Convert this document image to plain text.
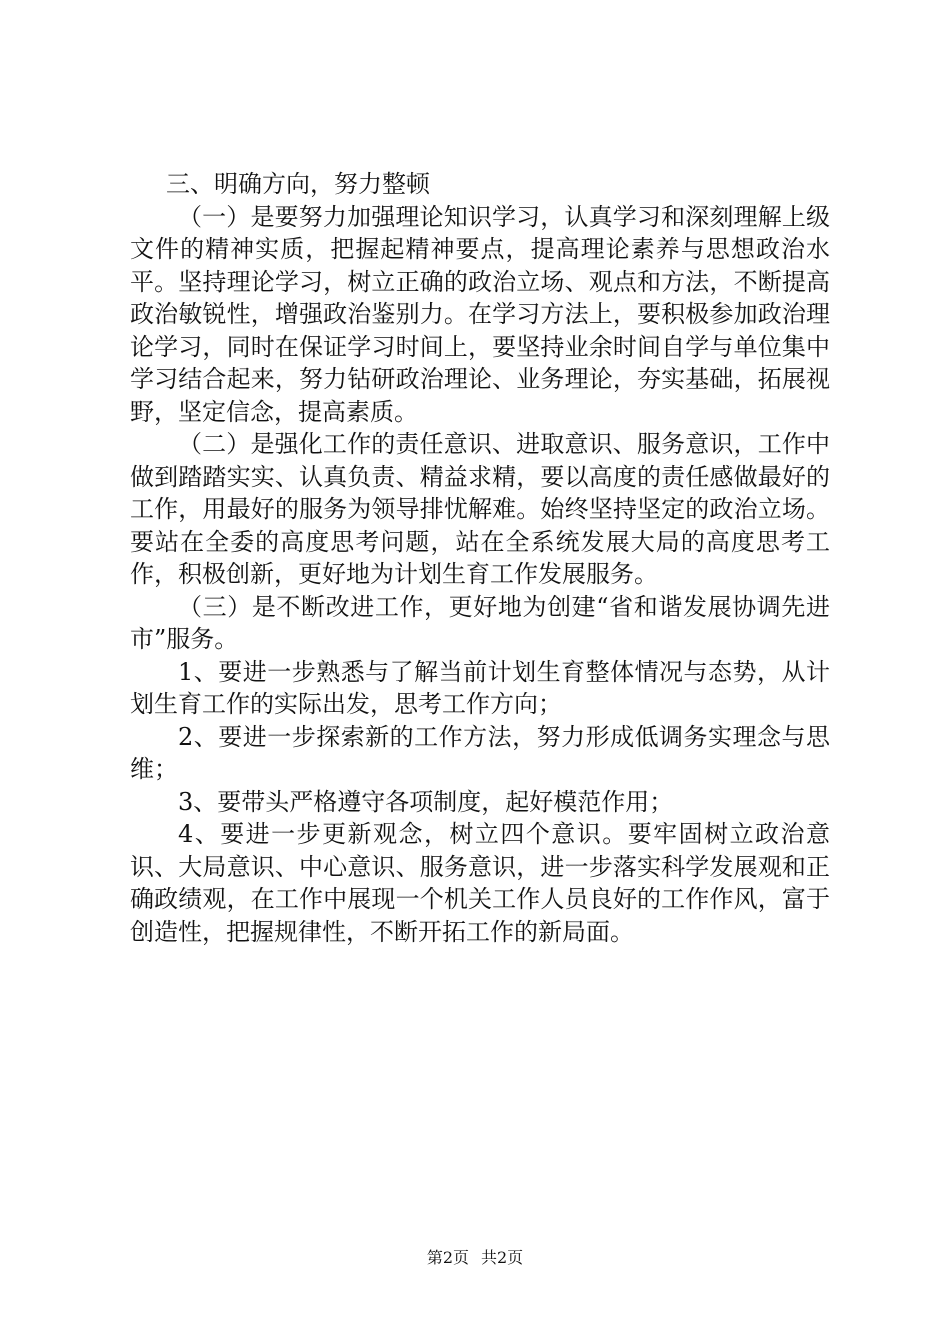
三、明确方向，努力整顿

（一）是要努力加强理论知识学习，认真学习和深刻理解上级文件的精神实质，把握起精神要点，提高理论素养与思想政治水平。坚持理论学习，树立正确的政治立场、观点和方法，不断提高政治敏锐性，增强政治鉴别力。在学习方法上，要积极参加政治理论学习，同时在保证学习时间上，要坚持业余时间自学与单位集中学习结合起来，努力钻研政治理论、业务理论，夯实基础，拓展视野，坚定信念，提高素质。

（二）是强化工作的责任意识、进取意识、服务意识，工作中做到踏踏实实、认真负责、精益求精，要以高度的责任感做最好的工作，用最好的服务为领导排忧解难。始终坚持坚定的政治立场。要站在全委的高度思考问题，站在全系统发展大局的高度思考工作，积极创新，更好地为计划生育工作发展服务。

（三）是不断改进工作，更好地为创建“省和谐发展协调先进市”服务。

1、要进一步熟悉与了解当前计划生育整体情况与态势，从计划生育工作的实际出发，思考工作方向；

2、要进一步探索新的工作方法，努力形成低调务实理念与思维；

3、要带头严格遵守各项制度，起好模范作用；

4、要进一步更新观念，树立四个意识。要牢固树立政治意识、大局意识、中心意识、服务意识，进一步落实科学发展观和正确政绩观，在工作中展现一个机关工作人员良好的工作作风，富于创造性，把握规律性，不断开拓工作的新局面。

第2页 共2页
